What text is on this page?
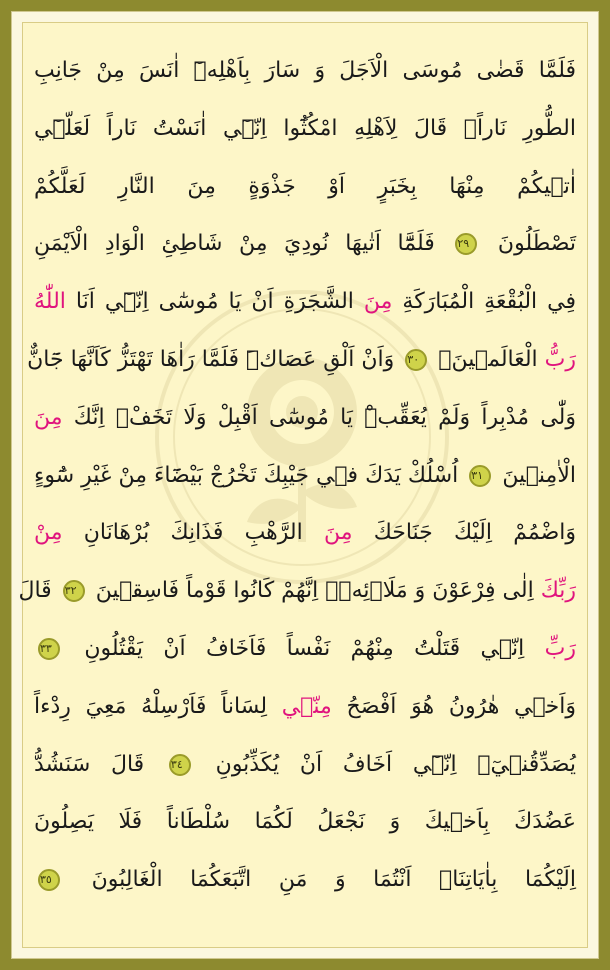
فَلَمَّا قَضٰى مُوسَى الْاَجَلَ وَ سَارَ بِاَهْلِه۪ٓ اٰنَسَ مِنْ جَانِبِ
الطُّورِ نَاراًۚ قَالَ لِاَهْلِهِ امْكُثُٓوا اِنّ۪ٓي اٰنَسْتُ نَاراً لَعَلّ۪ٓي
اٰت۪يكُمْ مِنْهَا بِخَبَرٍ اَوْ جَذْوَةٍ مِنَ النَّارِ لَعَلَّكُمْ
تَصْطَلُونَ ٢٩ فَلَمَّٓا اَتٰيهَا نُودِيَ مِنْ شَاطِئِ الْوَادِ الْاَيْمَنِ
فِي الْبُقْعَةِ الْمُبَارَكَةِ مِنَ الشَّجَرَةِ اَنْ يَا مُوسٰٓى اِنّ۪ٓي اَنَا اللّٰهُ
رَبُّ الْعَالَم۪ينَۙ ٣٠ وَاَنْ اَلْقِ عَصَاكَۜ فَلَمَّا رَاٰهَا تَهْتَزُّ كَاَنَّهَا جَٓانٌّ
وَلّٰى مُدْبِراً وَلَمْ يُعَقِّبْۜ يَا مُوسٰٓى اَقْبِلْ وَلَا تَخَفْ۠ اِنَّكَ مِنَ
الْاٰمِن۪ينَ ٣١ اُسْلُكْ يَدَكَ ف۪ي جَيْبِكَ تَخْرُجْ بَيْضَٓاءَ مِنْ غَيْرِ سُٓوءٍ
وَاضْمُمْ اِلَيْكَ جَنَاحَكَ مِنَ الرَّهْبِ فَذَانِكَ بُرْهَانَانِ مِنْ
رَبِّكَ اِلٰى فِرْعَوْنَ وَ مَلَا۬ئِه۪ۜ اِنَّهُمْ كَانُوا قَوْماً فَاسِق۪ينَ ٣٢ قَالَ
رَبِّ اِنّ۪ي قَتَلْتُ مِنْهُمْ نَفْساً فَاَخَافُ اَنْ يَقْتُلُونِ ٣٣
وَاَخ۪ي هٰرُونُ هُوَ اَفْصَحُ مِنّ۪ي لِسَاناً فَاَرْسِلْهُ مَعِيَ رِدْءاً
يُصَدِّقُن۪يٓۘ اِنّ۪ٓي اَخَافُ اَنْ يُكَذِّبُونِ ٣٤ قَالَ سَنَشُدُّ
عَضُدَكَ بِاَخ۪يكَ وَ نَجْعَلُ لَكُمَا سُلْطَاناً فَلَا يَصِلُونَ
اِلَيْكُمَا بِاٰيَاتِنَاۚ اَنْتُمَا وَ مَنِ اتَّبَعَكُمَا الْغَالِبُونَ ٣٥
